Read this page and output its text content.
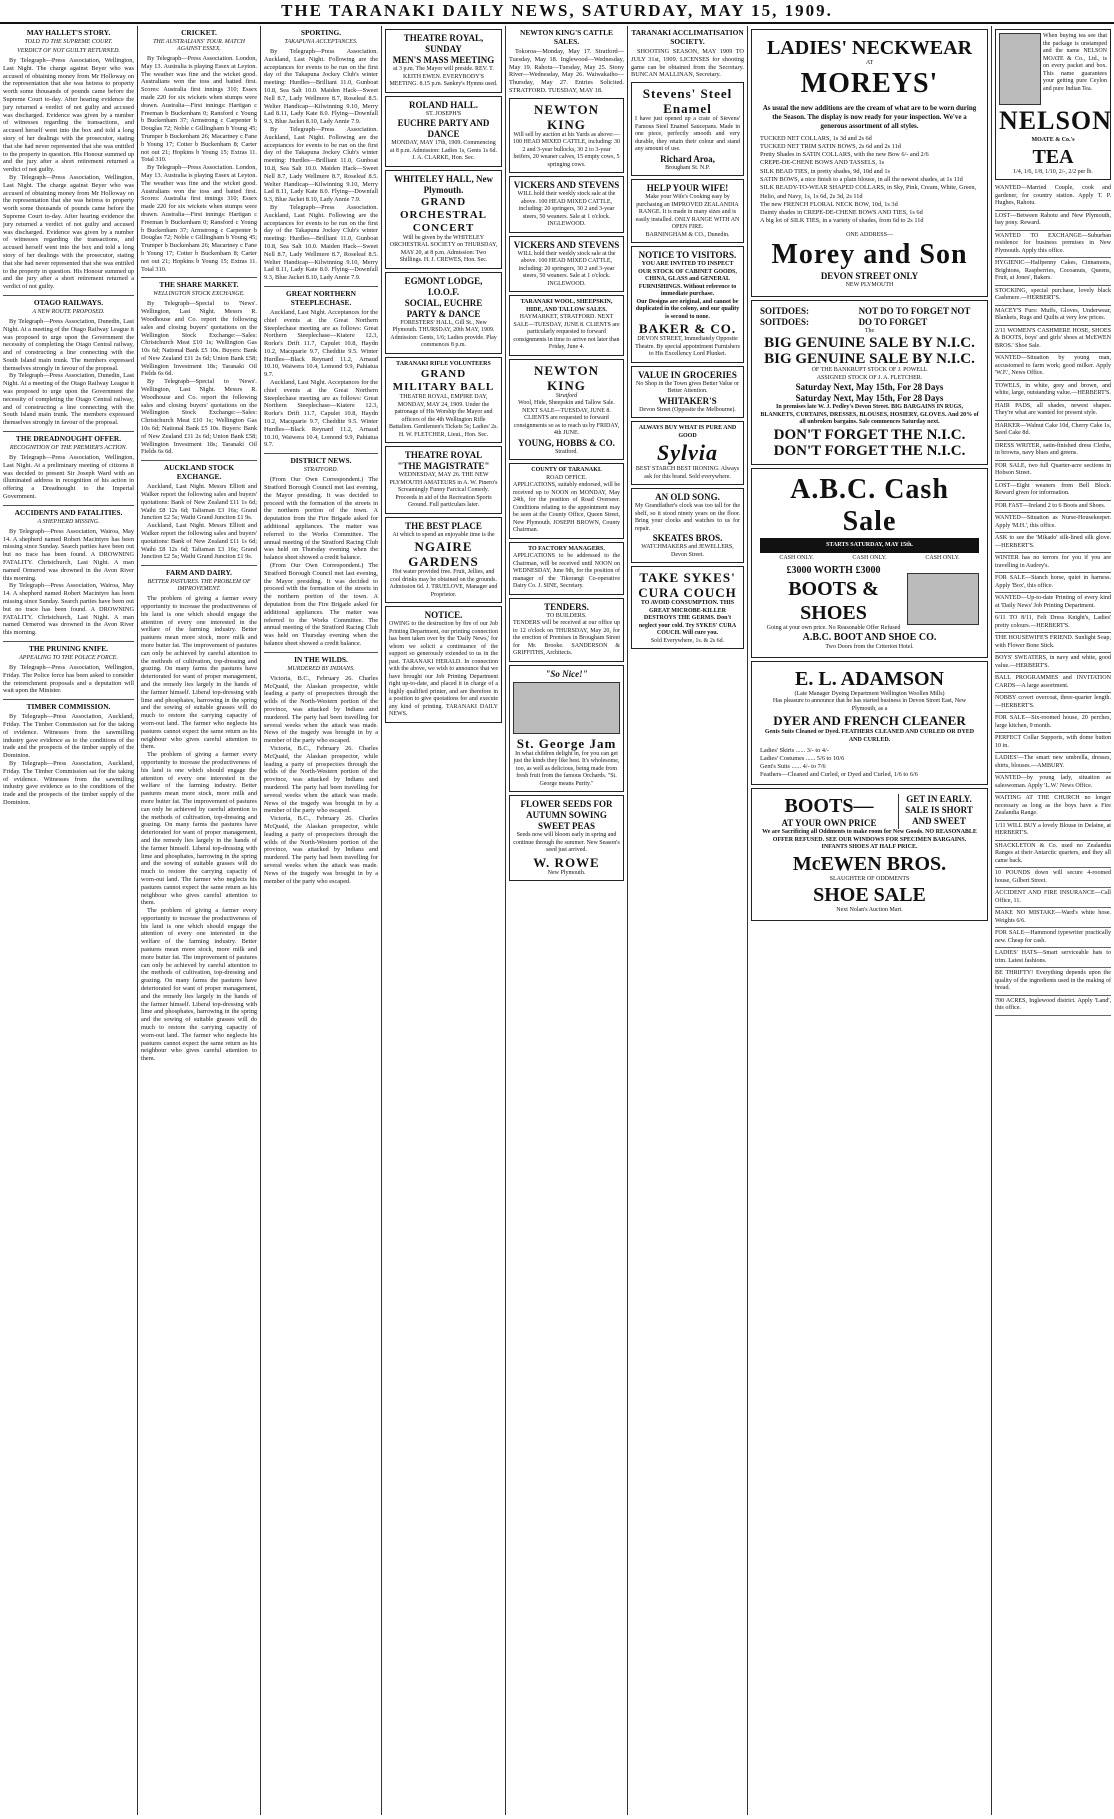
THE TARANAKI DAILY NEWS, SATURDAY, MAY 15, 1909.
MAY HALLET'S STORY.
TOLD TO THE SUPREME COURT.
VERDICT OF NOT GUILTY RETURNED.
By Telegraph—Press Association, Wellington, Last Night. The charge against Beyer who was accused of obtaining money from Mr Holloway on the representation that she was heiress to property worth some thousands of pounds came before the Supreme Court to-day. After hearing evidence the jury returned a verdict of not guilty and accused was discharged. Evidence was given by a number of witnesses regarding the transactions, and accused herself went into the box and told a long story of her dealings with the prosecutor, stating that she had never represented that she was entitled to the property in question. His Honour summed up and the jury after a short retirement returned a verdict of not guilty.
By Telegraph—Press Association, Wellington, Last Night. The charge against Beyer who was accused of obtaining money from Mr Holloway on the representation that she was heiress to property worth some thousands of pounds came before the Supreme Court to-day. After hearing evidence the jury returned a verdict of not guilty and accused was discharged. Evidence was given by a number of witnesses regarding the transactions, and accused herself went into the box and told a long story of her dealings with the prosecutor, stating that she had never represented that she was entitled to the property in question. His Honour summed up and the jury after a short retirement returned a verdict of not guilty.
OTAGO RAILWAYS.
A NEW ROUTE PROPOSED.
By Telegraph—Press Association, Dunedin, Last Night. At a meeting of the Otago Railway League it was proposed to urge upon the Government the necessity of completing the Otago Central railway, and of constructing a line connecting with the South Island main trunk. The members expressed themselves strongly in favour of the proposal.
By Telegraph—Press Association, Dunedin, Last Night. At a meeting of the Otago Railway League it was proposed to urge upon the Government the necessity of completing the Otago Central railway, and of constructing a line connecting with the South Island main trunk. The members expressed themselves strongly in favour of the proposal.
THE DREADNOUGHT OFFER.
RECOGNITION OF THE PREMIER'S ACTION.
By Telegraph—Press Association, Wellington, Last Night. At a preliminary meeting of citizens it was decided to present Sir Joseph Ward with an illuminated address in recognition of his action in offering a Dreadnought to the Imperial Government.
ACCIDENTS AND FATALITIES.
A SHEPHERD MISSING.
By Telegraph—Press Association, Wairoa, May 14. A shepherd named Robert Macintyre has been missing since Sunday. Search parties have been out but no trace has been found. A DROWNING FATALITY. Christchurch, Last Night. A man named Ormerod was drowned in the Avon River this morning.
By Telegraph—Press Association, Wairoa, May 14. A shepherd named Robert Macintyre has been missing since Sunday. Search parties have been out but no trace has been found. A DROWNING FATALITY. Christchurch, Last Night. A man named Ormerod was drowned in the Avon River this morning.
THE PRUNING KNIFE.
APPEALING TO THE POLICE FORCE.
By Telegraph—Press Association, Wellington, Friday. The Police force has been asked to consider the retrenchment proposals and a deputation will wait upon the Minister.
TIMBER COMMISSION.
By Telegraph—Press Association, Auckland, Friday. The Timber Commission sat for the taking of evidence. Witnesses from the sawmilling industry gave evidence as to the conditions of the trade and the prospects of the timber supply of the Dominion.
By Telegraph—Press Association, Auckland, Friday. The Timber Commission sat for the taking of evidence. Witnesses from the sawmilling industry gave evidence as to the conditions of the trade and the prospects of the timber supply of the Dominion.
CRICKET.
THE AUSTRALIANS' TOUR. MATCH AGAINST ESSEX.
By Telegraph—Press Association. London, May 13. Australia is playing Essex at Leyton. The weather was fine and the wicket good. Australians won the toss and batted first. Scores: Australia first innings 310; Essex made 220 for six wickets when stumps were drawn. Australia—First innings: Hartigan c Freeman b Buckenham 0; Ransford c Young b Buckenham 37; Armstrong c Carpenter b Douglas 72; Noble c Gillingham b Young 45; Trumper b Buckenham 26; Macartney c Fane b Young 17; Cotter b Buckenham 8; Carter not out 21; Hopkins b Young 15; Extras 11. Total 310.
By Telegraph—Press Association. London, May 13. Australia is playing Essex at Leyton. The weather was fine and the wicket good. Australians won the toss and batted first. Scores: Australia first innings 310; Essex made 220 for six wickets when stumps were drawn. Australia—First innings: Hartigan c Freeman b Buckenham 0; Ransford c Young b Buckenham 37; Armstrong c Carpenter b Douglas 72; Noble c Gillingham b Young 45; Trumper b Buckenham 26; Macartney c Fane b Young 17; Cotter b Buckenham 8; Carter not out 21; Hopkins b Young 15; Extras 11. Total 310.
THE SHARE MARKET.
WELLINGTON STOCK EXCHANGE.
By Telegraph—Special to 'News'. Wellington, Last Night. Messrs R. Woodhouse and Co. report the following sales and closing buyers' quotations on the Wellington Stock Exchange:—Sales: Christchurch Meat £10 1s; Wellington Gas 10s 6d; National Bank £5 10s. Buyers: Bank of New Zealand £11 2s 6d; Union Bank £58; Wellington Investment 18s; Taranaki Oil Fields 6s 6d.
By Telegraph—Special to 'News'. Wellington, Last Night. Messrs R. Woodhouse and Co. report the following sales and closing buyers' quotations on the Wellington Stock Exchange:—Sales: Christchurch Meat £10 1s; Wellington Gas 10s 6d; National Bank £5 10s. Buyers: Bank of New Zealand £11 2s 6d; Union Bank £58; Wellington Investment 18s; Taranaki Oil Fields 6s 6d.
AUCKLAND STOCK EXCHANGE.
Auckland, Last Night. Messrs Elliott and Walker report the following sales and buyers' quotations: Bank of New Zealand £11 1s 6d; Waihi £8 12s 6d; Talisman £3 16s; Grand Junction £2 5s; Waihi Grand Junction £1 9s.
Auckland, Last Night. Messrs Elliott and Walker report the following sales and buyers' quotations: Bank of New Zealand £11 1s 6d; Waihi £8 12s 6d; Talisman £3 16s; Grand Junction £2 5s; Waihi Grand Junction £1 9s.
FARM AND DAIRY.
BETTER PASTURES. THE PROBLEM OF IMPROVEMENT.
The problem of giving a farmer every opportunity to increase the productiveness of his land is one which should engage the attention of every one interested in the welfare of the farming industry. Better pastures mean more stock, more milk and more butter fat. The improvement of pastures can only be achieved by careful attention to the methods of cultivation, top-dressing and grazing. On many farms the pastures have deteriorated for want of proper management, and the remedy lies largely in the hands of the farmer himself. Liberal top-dressing with lime and phosphates, harrowing in the spring and the sowing of suitable grasses will do much to restore the carrying capacity of worn-out land. The farmer who neglects his pastures cannot expect the same return as his neighbour who gives careful attention to them.
The problem of giving a farmer every opportunity to increase the productiveness of his land is one which should engage the attention of every one interested in the welfare of the farming industry. Better pastures mean more stock, more milk and more butter fat. The improvement of pastures can only be achieved by careful attention to the methods of cultivation, top-dressing and grazing. On many farms the pastures have deteriorated for want of proper management, and the remedy lies largely in the hands of the farmer himself. Liberal top-dressing with lime and phosphates, harrowing in the spring and the sowing of suitable grasses will do much to restore the carrying capacity of worn-out land. The farmer who neglects his pastures cannot expect the same return as his neighbour who gives careful attention to them.
The problem of giving a farmer every opportunity to increase the productiveness of his land is one which should engage the attention of every one interested in the welfare of the farming industry. Better pastures mean more stock, more milk and more butter fat. The improvement of pastures can only be achieved by careful attention to the methods of cultivation, top-dressing and grazing. On many farms the pastures have deteriorated for want of proper management, and the remedy lies largely in the hands of the farmer himself. Liberal top-dressing with lime and phosphates, harrowing in the spring and the sowing of suitable grasses will do much to restore the carrying capacity of worn-out land. The farmer who neglects his pastures cannot expect the same return as his neighbour who gives careful attention to them.
SPORTING.
TAKAPUNA ACCEPTANCES.
By Telegraph—Press Association. Auckland, Last Night. Following are the acceptances for events to be run on the first day of the Takapuna Jockey Club's winter meeting: Hurdles—Brilliant 11.0, Gunboat 10.8, Sea Salt 10.0. Maiden Hack—Sweet Nell 8.7, Lady Wellmere 8.7, Roseleaf 8.5. Welter Handicap—Kilwinning 9.10, Merry Lad 8.11, Lady Kate 8.0. Flying—Downfall 9.3, Blue Jacket 8.10, Lady Annie 7.9.
By Telegraph—Press Association. Auckland, Last Night. Following are the acceptances for events to be run on the first day of the Takapuna Jockey Club's winter meeting: Hurdles—Brilliant 11.0, Gunboat 10.8, Sea Salt 10.0. Maiden Hack—Sweet Nell 8.7, Lady Wellmere 8.7, Roseleaf 8.5. Welter Handicap—Kilwinning 9.10, Merry Lad 8.11, Lady Kate 8.0. Flying—Downfall 9.3, Blue Jacket 8.10, Lady Annie 7.9.
By Telegraph—Press Association. Auckland, Last Night. Following are the acceptances for events to be run on the first day of the Takapuna Jockey Club's winter meeting: Hurdles—Brilliant 11.0, Gunboat 10.8, Sea Salt 10.0. Maiden Hack—Sweet Nell 8.7, Lady Wellmere 8.7, Roseleaf 8.5. Welter Handicap—Kilwinning 9.10, Merry Lad 8.11, Lady Kate 8.0. Flying—Downfall 9.3, Blue Jacket 8.10, Lady Annie 7.9.
GREAT NORTHERN STEEPLECHASE.
Auckland, Last Night. Acceptances for the chief events at the Great Northern Steeplechase meeting are as follows: Great Northern Steeplechase—Kiatere 12.3, Rorke's Drift 11.7, Capulet 10.8, Haydn 10.2, Macquarie 9.7, Cheddite 9.5. Winter Hurdles—Black Reynard 11.2, Arnaud 10.10, Waiwera 10.4, Lomond 9.9, Pahiatua 9.7.
Auckland, Last Night. Acceptances for the chief events at the Great Northern Steeplechase meeting are as follows: Great Northern Steeplechase—Kiatere 12.3, Rorke's Drift 11.7, Capulet 10.8, Haydn 10.2, Macquarie 9.7, Cheddite 9.5. Winter Hurdles—Black Reynard 11.2, Arnaud 10.10, Waiwera 10.4, Lomond 9.9, Pahiatua 9.7.
DISTRICT NEWS.
STRATFORD.
(From Our Own Correspondent.) The Stratford Borough Council met last evening, the Mayor presiding. It was decided to proceed with the formation of the streets in the northern portion of the town. A deputation from the Fire Brigade asked for additional appliances. The matter was referred to the Works Committee. The annual meeting of the Stratford Racing Club was held on Thursday evening when the balance sheet showed a credit balance.
(From Our Own Correspondent.) The Stratford Borough Council met last evening, the Mayor presiding. It was decided to proceed with the formation of the streets in the northern portion of the town. A deputation from the Fire Brigade asked for additional appliances. The matter was referred to the Works Committee. The annual meeting of the Stratford Racing Club was held on Thursday evening when the balance sheet showed a credit balance.
IN THE WILDS.
MURDERED BY INDIANS.
Victoria, B.C., February 26. Charles McQuaid, the Alaskan prospector, while leading a party of prospectors through the wilds of the North-Western portion of the province, was attacked by Indians and murdered. The party had been travelling for several weeks when the attack was made. News of the tragedy was brought in by a member of the party who escaped.
Victoria, B.C., February 26. Charles McQuaid, the Alaskan prospector, while leading a party of prospectors through the wilds of the North-Western portion of the province, was attacked by Indians and murdered. The party had been travelling for several weeks when the attack was made. News of the tragedy was brought in by a member of the party who escaped.
Victoria, B.C., February 26. Charles McQuaid, the Alaskan prospector, while leading a party of prospectors through the wilds of the North-Western portion of the province, was attacked by Indians and murdered. The party had been travelling for several weeks when the attack was made. News of the tragedy was brought in by a member of the party who escaped.
THEATRE ROYAL, SUNDAY
MEN'S MASS MEETING
at 3 p.m. The Mayor will preside. REV. T. KEITH EWEN. EVERYBODY'S MEETING. 8.15 p.m. Sankey's Hymns used.
ROLAND HALL.
ST. JOSEPH'S
EUCHRE PARTY AND DANCE
MONDAY, MAY 17th, 1909. Commencing at 8 p.m. Admission: Ladies 1s, Gents 1s 6d. J. A. CLARKE, Hon. Sec.
WHITELEY HALL, New Plymouth.
GRAND ORCHESTRAL CONCERT
Will be given by the WHITELEY ORCHESTRAL SOCIETY on THURSDAY, MAY 20, at 8 p.m. Admission: Two Shillings. H. J. CREWES, Hon. Sec.
EGMONT LODGE, I.O.O.F.
SOCIAL, EUCHRE PARTY & DANCE
FORESTERS' HALL, Gill St., New Plymouth. THURSDAY, 20th MAY, 1909. Admission: Gents, 1/6; Ladies provide. Play commences 8 p.m.
TARANAKI RIFLE VOLUNTEERS
GRAND MILITARY BALL
THEATRE ROYAL, EMPIRE DAY, MONDAY, MAY 24, 1909. Under the patronage of His Worship the Mayor and officers of the 4th Wellington Rifle Battalion. Gentlemen's Tickets 5s; Ladies' 2s. H. W. FLETCHER, Lieut., Hon. Sec.
THEATRE ROYAL
"THE MAGISTRATE"
WEDNESDAY, MAY 26. THE NEW PLYMOUTH AMATEURS in A. W. Pinero's Screamingly Funny Farcical Comedy. Proceeds in aid of the Recreation Sports Ground. Full particulars later.
THE BEST PLACE
At which to spend an enjoyable time is the
NGAIRE GARDENS
Hot water provided free. Fruit, Jellies, and cool drinks may be obtained on the grounds. Admission 6d. J. TRUELOVE, Manager and Proprietor.
NOTICE.
OWING to the destruction by fire of our Job Printing Department, our printing connection has been taken over by the 'Daily News,' for whom we solicit a continuance of the support so generously extended to us in the past. TARANAKI HERALD. In connection with the above, we wish to announce that we have brought our Job Printing Department right up-to-date, and placed it in charge of a highly qualified printer, and are therefore in a position to give quotations for and execute any kind of printing. TARANAKI DAILY NEWS.
NEWTON KING'S CATTLE SALES.
Tokoroa—Monday, May 17. Stratford—Tuesday, May 18. Inglewood—Wednesday, May 19. Rahotu—Tuesday, May 25. Stony River—Wednesday, May 26. Waiwakaiho—Thursday, May 27. Entries Solicited. STRATFORD. TUESDAY, MAY 18.
NEWTON KING
Will sell by auction at his Yards as above:— 100 HEAD MIXED CATTLE, including: 30 2 and 3-year bullocks, 30 2 to 3-year heifers, 20 weaner calves, 15 empty cows, 5 springing cows.
VICKERS AND STEVENS
WILL hold their weekly stock sale at the above. 100 HEAD MIXED CATTLE, including: 20 springers, 30 2 and 3-year steers, 50 weaners. Sale at 1 o'clock. INGLEWOOD.
VICKERS AND STEVENS
WILL hold their weekly stock sale at the above. 100 HEAD MIXED CATTLE, including: 20 springers, 30 2 and 3-year steers, 50 weaners. Sale at 1 o'clock. INGLEWOOD.
TARANAKI WOOL, SHEEPSKIN, HIDE, AND TALLOW SALES.
HAYMARKET, STRATFORD. NEXT SALE—TUESDAY, JUNE 8. CLIENTS are particularly requested to forward consignments in time to arrive not later than Friday, June 4.
NEWTON KING
Stratford
Wool, Hide, Sheepskin and Tallow Sale. NEXT SALE—TUESDAY, JUNE 8. CLIENTS are requested to forward consignments so as to reach us by FRIDAY, 4th JUNE.
YOUNG, HOBBS & CO.
Stratford.
COUNTY OF TARANAKI.
ROAD OFFICE.
APPLICATIONS, suitably endorsed, will be received up to NOON on MONDAY, May 24th, for the position of Road Overseer. Conditions relating to the appointment may be seen at the County Office, Queen Street, New Plymouth. JOSEPH BROWN, County Chairman.
TO FACTORY MANAGERS.
APPLICATIONS to be addressed to the Chairman, will be received until NOON on WEDNESDAY, June 9th, for the position of manager of the Tikorangi Co-operative Dairy Co. J. SINE, Secretary.
TENDERS.
TO BUILDERS.
TENDERS will be received at our office up to 12 o'clock on THURSDAY, May 20, for the erection of Premises in Brougham Street for Mr. Brooke. SANDERSON & GRIFFITHS, Architects.
"So Nice!"
St. George Jam
In what children delight in, for you can get just the kinds they like best. It's wholesome, too, as well as delicious, being made from fresh fruit from the famous Orchards. "St. George means Purity."
FLOWER SEEDS FOR AUTUMN SOWING
SWEET PEAS
Seeds now will bloom early in spring and continue through the summer. New Season's seed just arrived.
W. ROWE
New Plymouth.
TARANAKI ACCLIMATISATION SOCIETY.
SHOOTING SEASON, MAY 1909 TO JULY 31st, 1909. LICENSES for shooting game can be obtained from the Secretary. BUNCAN MALLINAN, Secretary.
Stevens' Steel Enamel
I have just opened up a crate of Stevens' Famous Steel Enamel Saucepans. Made in one piece, perfectly smooth and very durable, they retain their colour and stand any amount of use.
Richard Aroa,
Brougham St. N.P.
HELP YOUR WIFE!
Make your Wife's Cooking easy by purchasing an IMPROVED ZEALANDIA RANGE. It is made in many sizes and is easily installed. ONLY RANGE WITH AN OPEN FIRE.
BARNINGHAM & CO., Dunedin.
NOTICE TO VISITORS.
YOU ARE INVITED TO INSPECT OUR STOCK OF CABINET GOODS, CHINA, GLASS and GENERAL FURNISHINGS. Without reference to immediate purchase.
Our Designs are original, and cannot be duplicated in the colony, and our quality is second to none.
BAKER & CO.
DEVON STREET, Immediately Opposite Theatre. By special appointment Furnishers to His Excellency Lord Plunket.
VALUE IN GROCERIES
No Shop in the Town gives Better Value or Better Attention.
WHITAKER'S
Devon Street (Opposite the Melbourne).
ALWAYS BUY WHAT IS PURE AND GOOD
Sylvia
BEST STARCH BEST IRONING. Always ask for this brand. Sold everywhere.
AN OLD SONG.
My Grandfather's clock was too tall for the shelf, so it stood ninety years on the floor. Bring your clocks and watches to us for repair.
SKEATES BROS.
WATCHMAKERS and JEWELLERS, Devon Street.
TAKE SYKES' CURA COUCH
TO AVOID CONSUMPTION. THIS GREAT MICROBE-KILLER DESTROYS THE GERMS. Don't neglect your cold. Try SYKES' CURA COUCH. Will cure you.
Sold Everywhere, 1s. & 2s 6d.
LADIES' NECKWEAR
AT
MOREYS'
As usual the new additions are the cream of what are to be worn during the Season. The display is now ready for your inspection. We've a generous assortment of all styles.
TUCKED NET COLLARS, 1s 3d and 2s 6d
TUCKED NET TRIM SATIN BOWS, 2s 6d and 2s 11d
Pretty Shades in SATIN COLLARS, with the new Bow 6/- and 2/6
CREPE-DE-CHENE BOWS AND TASSELS, 1s
SILK BEAD TIES, in pretty shades, 9d, 10d and 1s
SATIN BOWS, a nice finish to a plain blouse, in all the newest shades, at 1s 11d
SILK READY-TO-WEAR SHAPED COLLARS, in Sky, Pink, Cream, White, Green, Helio, and Navy, 1s, 1s 6d, 2s 3d, 2s 11d
The new FRENCH FLORAL NECK BOW, 10d, 1s 3d
Dainty shades in CREPE-DE-CHENE BOWS AND TIES, 1s 6d
A big lot of SILK TIES, in a variety of shades, from 6d to 2s 11d
ONE ADDRESS—
Morey and Son
DEVON STREET ONLY
NEW PLYMOUTH
SOITDOES: SOITDOES:
NOT DO TO FORGET NOT DO TO FORGET
The
BIG GENUINE SALE BY N.I.C.
BIG GENUINE SALE BY N.I.C.
OF THE BANKRUPT STOCK OF J. POWELL
ASSIGNED STOCK OF J. A. FLETCHER.
Saturday Next, May 15th, For 28 Days
Saturday Next, May 15th, For 28 Days
In premises late W. J. Pedley's Devon Street. BIG BARGAINS IN RUGS, BLANKETS, CURTAINS, DRESSES, BLOUSES, HOSIERY, GLOVES. And 20% of all unbroken bargains. Sale commences Saturday next.
DON'T FORGET THE N.I.C.
DON'T FORGET THE N.I.C.
A.B.C. Cash Sale
STARTS SATURDAY, MAY 15th.
CASH ONLY.	CASH ONLY.	CASH ONLY.
£3000 WORTH £3000
BOOTS & SHOES
Going at your own price. No Reasonable Offer Refused
A.B.C. BOOT AND SHOE CO.
Two Doors from the Criterion Hotel.
E. L. ADAMSON
(Late Manager Dyeing Department Wellington Woollen Mills)
Has pleasure to announce that he has started business in Devon Street East, New Plymouth, as a
DYER AND FRENCH CLEANER
Gents Suits Cleaned or Dyed. FEATHERS CLEANED AND CURLED OR DYED AND CURLED.
Ladies' Skirts ...... 3/- to 4/-
Ladies' Costumes ...... 5/6 to 10/6
Gent's Suits ...... 4/- to 7/6
Feathers—Cleaned and Curled, or Dyed and Curled, 1/6 to 6/6
BOOTS—
AT YOUR OWN PRICE
GET IN EARLY. SALE IS SHORT AND SWEET
We are Sacrificing all Oddments to make room for New Goods. NO REASONABLE OFFER REFUSED. SEE OUR WINDOWS FOR SPECIMEN BARGAINS. INFANTS SHOES AT HALF PRICE.
McEWEN BROS.
SLAUGHTER OF ODDMENTS
SHOE SALE
Next Nolan's Auction Mart.
When buying tea see that the package is unstamped and the name NELSON MOATE & Co., Ltd., is on every packet and box. This name guarantees your getting pure Ceylon and pure Indian Tea.
NELSON
MOATE & Co.'s
TEA
1/4, 1/6, 1/8, 1/10, 2/-, 2/2 per lb.
WANTED—Married Couple, cook and gardener, for country station. Apply T. P. Hughes, Rahotu.
LOST—Between Rahotu and New Plymouth, bay pony. Reward.
WANTED TO EXCHANGE—Suburban residence for business premises in New Plymouth. Apply this office.
HYGIENIC—Halfpenny Cakes, Cinnamons, Brightons, Raspberries, Cocoanuts, Queens, Fruit, at Jones', Bakers.
STOCKING, special purchase, lovely black Cashmere.—HERBERT'S.
MACEY'S Furs: Muffs, Gloves, Underwear, Blankets, Rugs and Quilts at very low prices.
2/11 WOMEN'S CASHMERE HOSE, SHOES & BOOTS, boys' and girls' shoes at McEWEN BROS.' Shoe Sale.
WANTED—Situation by young man, accustomed to farm work; good milker. Apply 'W.F.', News Office.
TOWELS, in white, grey and brown, and white, large, outstanding value.—HERBERT'S.
HAIR PADS, all shades, newest shapes. They're what are wanted for present style.
HARKER—Walnut Cake 10d, Cherry Cake 1s, Seed Cake 8d.
DRESS WRITER, satin-finished dress Cloths, in browns, navy blues and greens.
FOR SALE, two full Quarter-acre sections in Hobson Street.
LOST—Eight weaners from Bell Block. Reward given for information.
FOR FAST—Ireland 2 to 6 Boots and Shoes.
WANTED—Situation as Nurse-Housekeeper. Apply 'M.H.', this office.
ASK to see the 'Mikado' silk-lined silk glove.—HERBERT'S.
WINTER has no terrors for you if you are travelling in Audrey's.
FOR SALE—Stanch horse, quiet in harness. Apply 'Box', this office.
WANTED—Up-to-date Printing of every kind at 'Daily News' Job Printing Department.
6/11 TO 8/11, Felt Dress Knight's, Ladies' pretty colours.—HERBERT'S.
THE HOUSEWIFE'S FRIEND. Sunlight Soap, with Flower Bone Stick.
BOYS' SWEATERS, in navy and white, good value.—HERBERT'S.
BALL PROGRAMMES and INVITATION CARDS—A large assortment.
NOBBY covert overcoat, three-quarter length.—HERBERT'S.
FOR SALE—Six-roomed house, 20 perches, large kitchen, 9 month.
PERFECT Collar Supports, with dome button 10 in.
LADIES'—The smart new umbrella, dresses, shirts, blouses.—AMBURY.
WANTED—by young lady, situation as saleswoman. Apply 'L.W.' News Office.
WAITING AT THE CHURCH no longer necessary as long as the boys have a Fire Zealandia Range.
1/11 WILL BUY a lovely Blouse in Delaine, at HERBERT'S.
SHACKLETON & Co. used no Zealandia Ranges at their Antarctic quarters, and they all came back.
10 POUNDS down will secure 4-roomed house, Gilbert Street.
ACCIDENT AND FIRE INSURANCE—Call Office, 11.
MAKE NO MISTAKE—Ward's white hose. Weights 6/6.
FOR SALE—Hammond typewriter practically new. Cheap for cash.
LADIES' HATS—Smart serviceable hats to trim. Latest fashions.
BE THRIFTY! Everything depends upon the quality of the ingredients used in the making of bread.
700 ACRES, Inglewood district. Apply 'Land', this office.
